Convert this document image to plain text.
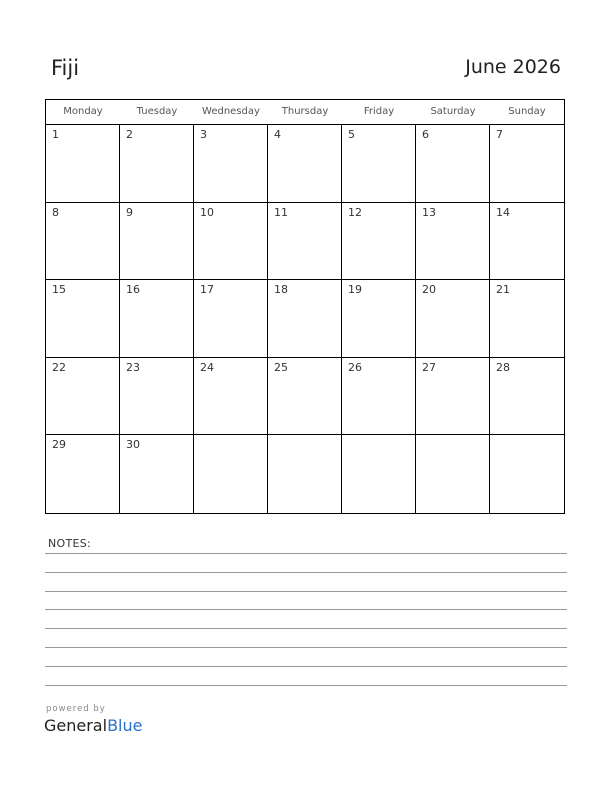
Fiji	June 2026
Monday	Tuesday	Wednesday	Thursday	Friday	Saturday	Sunday
1	2	3	4	5	6	7
8	9	10	11	12	13	14
15	16	17	18	19	20	21
22	23	24	25	26	27	28
29	30
NOTES:
powered by
GeneralBlue
